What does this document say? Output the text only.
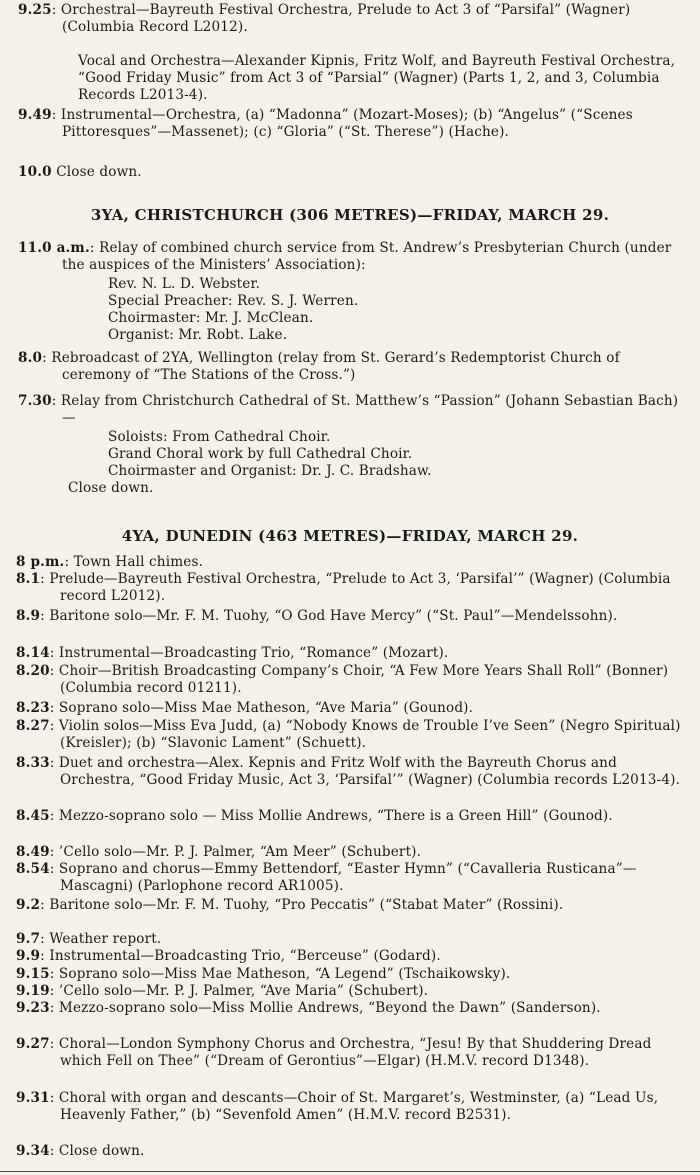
9.25: Orchestral—Bayreuth Festival Orchestra, Prelude to Act 3 of “Parsifal” (Wagner) (Columbia Record L2012).

Vocal and Orchestra—Alexander Kipnis, Fritz Wolf, and Bayreuth Festival Orchestra, “Good Friday Music” from Act 3 of “Parsial” (Wagner) (Parts 1, 2, and 3, Columbia Records L2013-4).

9.49: Instrumental—Orchestra, (a) “Madonna” (Mozart-Moses); (b) “Angelus” (“Scenes Pittoresques”—Massenet); (c) “Gloria” (“St. Therese”) (Hache).

10.0 Close down.

3YA, CHRISTCHURCH (306 METRES)—FRIDAY, MARCH 29.

11.0 a.m.: Relay of combined church service from St. Andrew’s Presbyterian Church (under the auspices of the Ministers’ Association):

Rev. N. L. D. Webster.
Special Preacher: Rev. S. J. Werren.
Choirmaster: Mr. J. McClean.
Organist: Mr. Robt. Lake.

8.0: Rebroadcast of 2YA, Wellington (relay from St. Gerard’s Redemptorist Church of ceremony of “The Stations of the Cross.”)

7.30: Relay from Christchurch Cathedral of St. Matthew’s “Passion” (Johann Sebastian Bach)—

Soloists: From Cathedral Choir.
Grand Choral work by full Cathedral Choir.
Choirmaster and Organist: Dr. J. C. Bradshaw.
Close down.
4YA, DUNEDIN (463 METRES)—FRIDAY, MARCH 29.

8 p.m.: Town Hall chimes.

8.1: Prelude—Bayreuth Festival Orchestra, “Prelude to Act 3, ‘Parsifal’” (Wagner) (Columbia record L2012).

8.9: Baritone solo—Mr. F. M. Tuohy, “O God Have Mercy” (“St. Paul”—Mendelssohn).

8.14: Instrumental—Broadcasting Trio, “Romance” (Mozart).

8.20: Choir—British Broadcasting Company’s Choir, “A Few More Years Shall Roll” (Bonner) (Columbia record 01211).

8.23: Soprano solo—Miss Mae Matheson, “Ave Maria” (Gounod).

8.27: Violin solos—Miss Eva Judd, (a) “Nobody Knows de Trouble I’ve Seen” (Negro Spiritual) (Kreisler); (b) “Slavonic Lament” (Schuett).

8.33: Duet and orchestra—Alex. Kepnis and Fritz Wolf with the Bayreuth Chorus and Orchestra, “Good Friday Music, Act 3, ‘Parsifal’” (Wagner) (Columbia records L2013-4).

8.45: Mezzo-soprano solo — Miss Mollie Andrews, “There is a Green Hill” (Gounod).

8.49: ’Cello solo—Mr. P. J. Palmer, “Am Meer” (Schubert).

8.54: Soprano and chorus—Emmy Bettendorf, “Easter Hymn” (“Cavalleria Rusticana”—Mascagni) (Parlophone record AR1005).

9.2: Baritone solo—Mr. F. M. Tuohy, “Pro Peccatis” (“Stabat Mater” (Rossini).

9.7: Weather report.

9.9: Instrumental—Broadcasting Trio, “Berceuse” (Godard).

9.15: Soprano solo—Miss Mae Matheson, “A Legend” (Tschaikowsky).

9.19: ’Cello solo—Mr. P. J. Palmer, “Ave Maria” (Schubert).

9.23: Mezzo-soprano solo—Miss Mollie Andrews, “Beyond the Dawn” (Sanderson).

9.27: Choral—London Symphony Chorus and Orchestra, “Jesu! By that Shuddering Dread which Fell on Thee” (“Dream of Gerontius”—Elgar) (H.M.V. record D1348).

9.31: Choral with organ and descants—Choir of St. Margaret’s, Westminster, (a) “Lead Us, Heavenly Father,” (b) “Sevenfold Amen” (H.M.V. record B2531).

9.34: Close down.
